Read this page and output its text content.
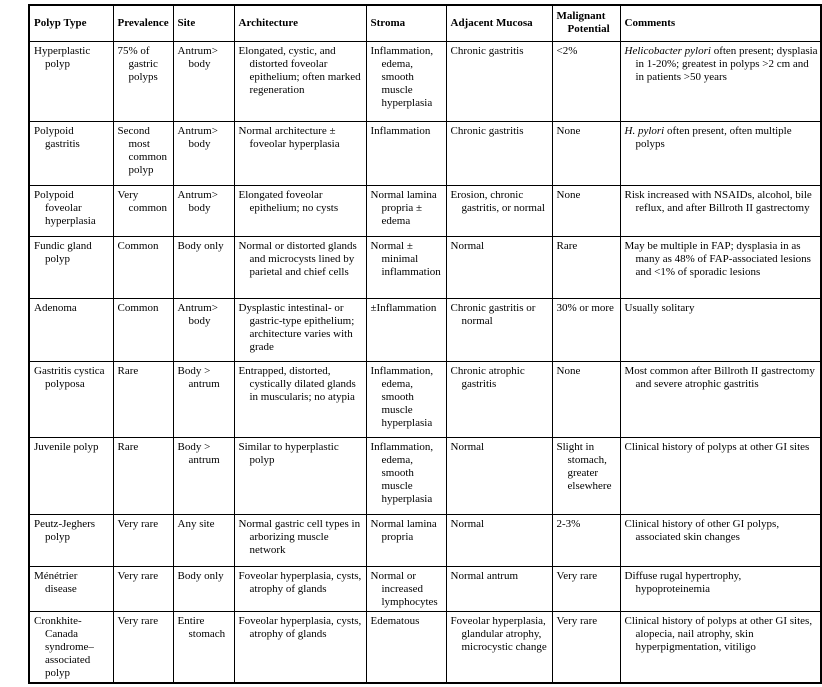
Polyp Type	Prevalence	Site	Architecture	Stroma	Adjacent Mucosa	Malignant Potential	Comments

Hyperplastic polyp	75% of gastric polyps	Antrum> body	Elongated, cystic, and distorted foveolar epithelium; often marked regeneration	Inflammation, edema, smooth muscle hyperplasia	Chronic gastritis	<2%	Helicobacter pylori often present; dysplasia in 1-20%; greatest in polyps >2 cm and in patients >50 years

Polypoid gastritis	Second most common polyp	Antrum> body	Normal architecture ± foveolar hyperplasia	Inflammation	Chronic gastritis	None	H. pylori often present, often multiple polyps

Polypoid foveolar hyperplasia	Very common	Antrum> body	Elongated foveolar epithelium; no cysts	Normal lamina propria ± edema	Erosion, chronic gastritis, or normal	None	Risk increased with NSAIDs, alcohol, bile reflux, and after Billroth II gastrectomy

Fundic gland polyp	Common	Body only	Normal or distorted glands and microcysts lined by parietal and chief cells	Normal ± minimal inflammation	Normal	Rare	May be multiple in FAP; dysplasia in as many as 48% of FAP-associated lesions and <1% of sporadic lesions

Adenoma	Common	Antrum> body	Dysplastic intestinal- or gastric-type epithelium; architecture varies with grade	±Inflammation	Chronic gastritis or normal	30% or more	Usually solitary

Gastritis cystica polyposa	Rare	Body > antrum	Entrapped, distorted, cystically dilated glands in muscularis; no atypia	Inflammation, edema, smooth muscle hyperplasia	Chronic atrophic gastritis	None	Most common after Billroth II gastrectomy and severe atrophic gastritis

Juvenile polyp	Rare	Body > antrum	Similar to hyperplastic polyp	Inflammation, edema, smooth muscle hyperplasia	Normal	Slight in stomach, greater elsewhere	Clinical history of polyps at other GI sites

Peutz-Jeghers polyp	Very rare	Any site	Normal gastric cell types in arborizing muscle network	Normal lamina propria	Normal	2-3%	Clinical history of other GI polyps, associated skin changes

Ménétrier disease	Very rare	Body only	Foveolar hyperplasia, cysts, atrophy of glands	Normal or increased lymphocytes	Normal antrum	Very rare	Diffuse rugal hypertrophy, hypoproteinemia

Cronkhite-Canada syndrome–associated polyp	Very rare	Entire stomach	Foveolar hyperplasia, cysts, atrophy of glands	Edematous	Foveolar hyperplasia, glandular atrophy, microcystic change	Very rare	Clinical history of polyps at other GI sites, alopecia, nail atrophy, skin hyperpigmentation, vitiligo
